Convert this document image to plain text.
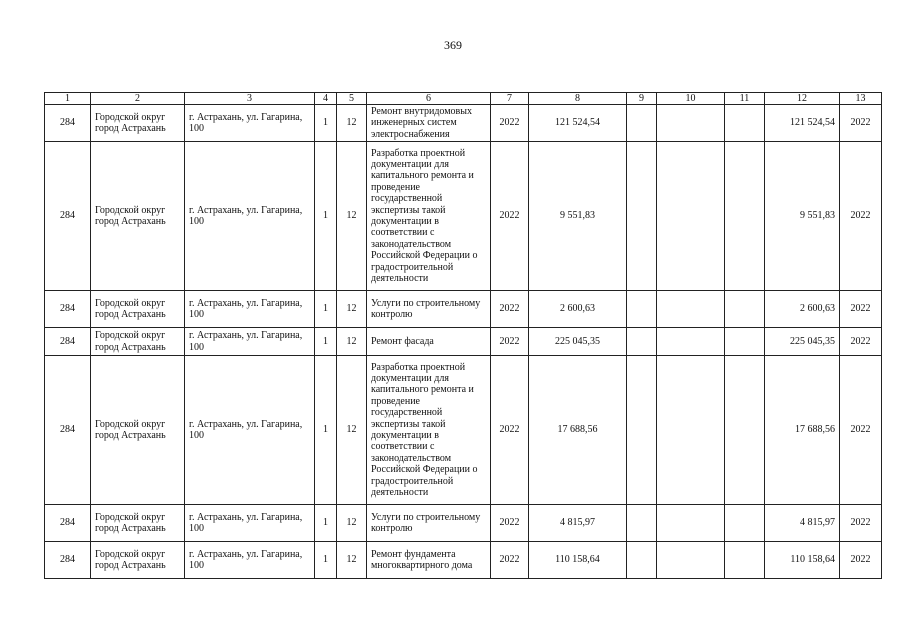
369
1	2	3	4	5	6	7	8	9	10	11	12	13
284	Городской округ город Астрахань	г. Астрахань, ул. Гагарина, 100	1	12	Ремонт внутридомовых инженерных систем электроснабжения	2022	121 524,54				121 524,54	2022
284	Городской округ город Астрахань	г. Астрахань, ул. Гагарина, 100	1	12	Разработка проектной документации для капитального ремонта и проведение государственной экспертизы такой документации в соответствии с законодательством Российской Федерации о градостроительной деятельности	2022	9 551,83				9 551,83	2022
284	Городской округ город Астрахань	г. Астрахань, ул. Гагарина, 100	1	12	Услуги по строительному контролю	2022	2 600,63				2 600,63	2022
284	Городской округ город Астрахань	г. Астрахань, ул. Гагарина, 100	1	12	Ремонт фасада	2022	225 045,35				225 045,35	2022
284	Городской округ город Астрахань	г. Астрахань, ул. Гагарина, 100	1	12	Разработка проектной документации для капитального ремонта и проведение государственной экспертизы такой документации в соответствии с законодательством Российской Федерации о градостроительной деятельности	2022	17 688,56				17 688,56	2022
284	Городской округ город Астрахань	г. Астрахань, ул. Гагарина, 100	1	12	Услуги по строительному контролю	2022	4 815,97				4 815,97	2022
284	Городской округ город Астрахань	г. Астрахань, ул. Гагарина, 100	1	12	Ремонт фундамента многоквартирного дома	2022	110 158,64				110 158,64	2022
